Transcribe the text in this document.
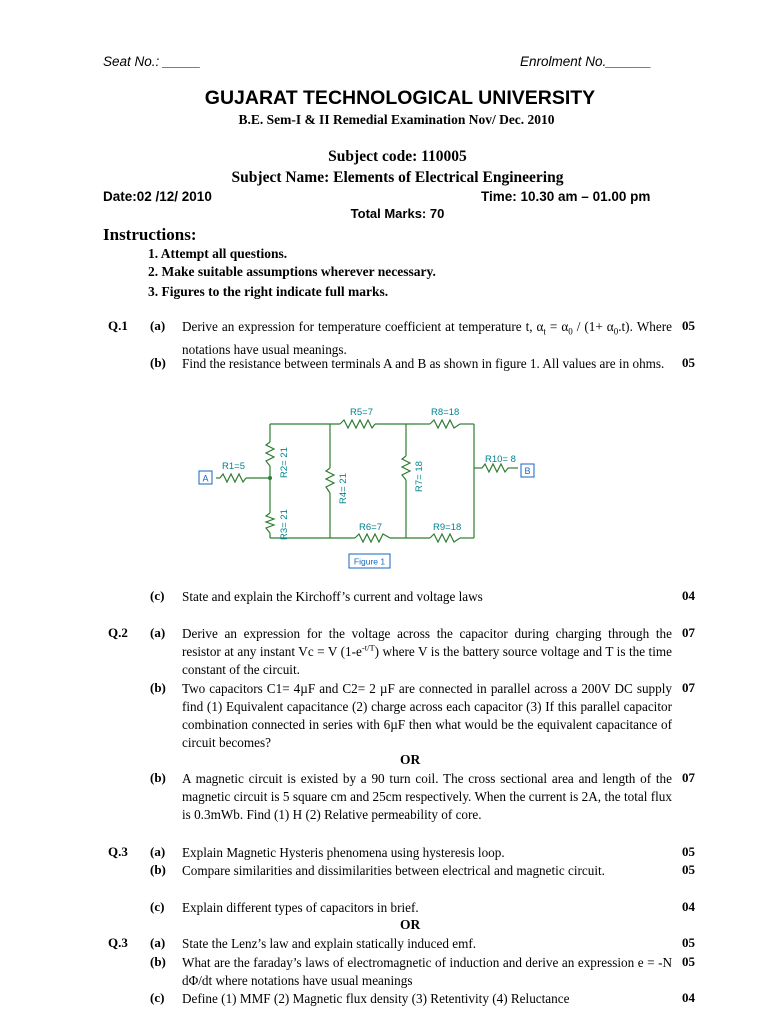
Seat No.: _____	Enrolment No.______
GUJARAT TECHNOLOGICAL UNIVERSITY
B.E. Sem-I & II Remedial Examination Nov/ Dec. 2010
Subject code: 110005
Subject Name: Elements of Electrical Engineering
Date:02 /12/ 2010	Time: 10.30 am – 01.00 pm
Total Marks: 70
Instructions:
1. Attempt all questions.
2. Make suitable assumptions wherever necessary.
3. Figures to the right indicate full marks.
Q.1 (a) Derive an expression for temperature coefficient at temperature t, $\alpha_t = \alpha_0 / (1+ \alpha_0.t)$. Where notations have usual meanings.
05
(b) Find the resistance between terminals A and B as shown in figure 1. All values are in ohms.	05
A
B
R1=5
R5=7	R8=18
R6=7	R9=18
R10= 8
R2= 21
R3= 21
R4= 21	R7= 18
Figure 1
(c) State and explain the Kirchoff’s current and voltage laws	04
Q.2 (a) Derive an expression for the voltage across the capacitor during charging through the resistor at any instant Vc = V $(1-e^{-t/T})$ where V is the battery source voltage and T is the time constant of the circuit.
07
(b) Two capacitors C1= 4µF and C2= 2 µF are connected in parallel across a 200V DC supply find (1) Equivalent capacitance (2) charge across each capacitor (3) If this parallel capacitor combination connected in series with 6µF then what would be the equivalent capacitance of circuit becomes?
07
OR
(b) A magnetic circuit is existed by a 90 turn coil. The cross sectional area and length of the magnetic circuit is 5 square cm and 25cm respectively. When the current is 2A, the total flux is 0.3mWb. Find (1) H (2) Relative permeability of core.
07
Q.3 (a) Explain Magnetic Hysteris phenomena using hysteresis loop.	05
(b) Compare similarities and dissimilarities between electrical and magnetic circuit.	05
(c) Explain different types of capacitors in brief.	04
OR
Q.3 (a) State the Lenz’s law and explain statically induced emf.	05
(b) What are the faraday’s laws of electromagnetic of induction and derive an expression e = -N dΦ/dt where notations have usual meanings
05
(c) Define (1) MMF (2) Magnetic flux density (3) Retentivity (4) Reluctance	04
